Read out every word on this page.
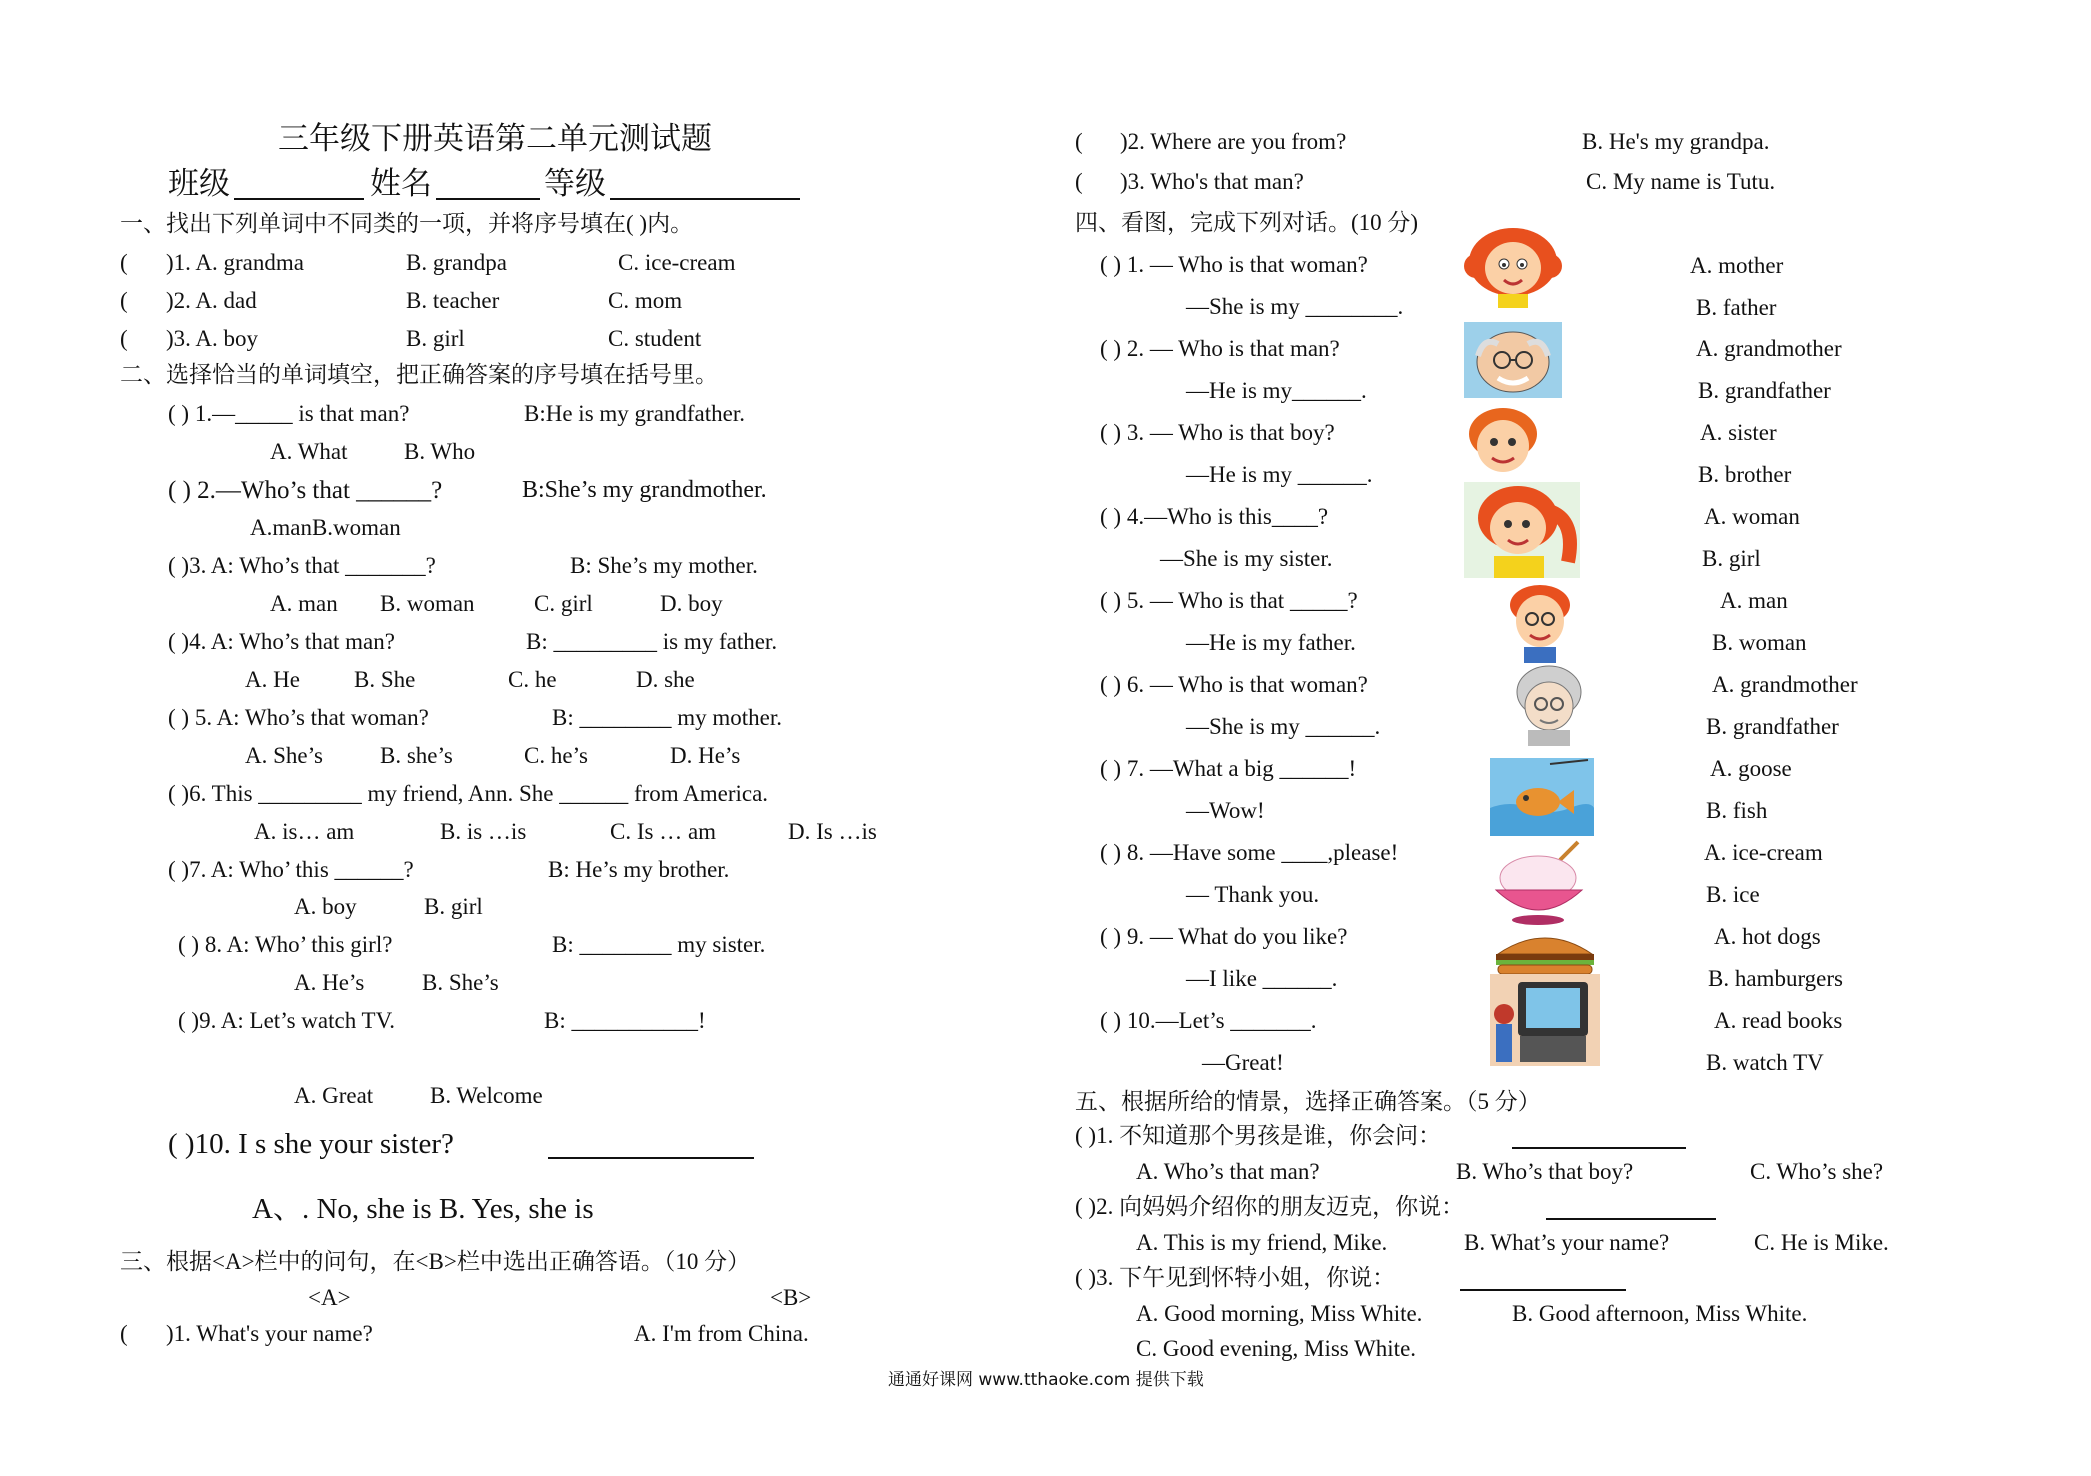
三年级下册英语第二单元测试题
班级	姓名	等级
一、找出下列单词中不同类的一项，并将序号填在( )内。
( )1. A. grandma	B. grandpa	C. ice-cream
( )2. A. dad	B. teacher	C. mom
( )3. A. boy	B. girl	C. student
二、选择恰当的单词填空，把正确答案的序号填在括号里。
( ) 1.—_____ is that man?	B:He is my grandfather.
A. What B. Who
( ) 2.—Who’s that ______?	B:She’s my grandmother.
A.manB.woman
( )3. A: Who’s that _______?	B: She’s my mother.
A. man B. woman	C. girl	D. boy
( )4. A: Who’s that man?	B: _________ is my father.
A. He B. She	C. he	D. she
( ) 5. A: Who’s that woman?	B: ________ my mother.
A. She’s B. she’s	C. he’s	D. He’s
( )6. This _________ my friend, Ann. She ______ from America.
A. is… am	B. is …is	C. Is … am	D. Is …is
( )7. A: Who’ this ______?	B: He’s my brother.
A. boy	B. girl
( ) 8. A: Who’ this girl?	B: ________ my sister.
A. He’s	B. She’s
( )9. A: Let’s watch TV.	B: ___________!
A. Great B. Welcome
( )10. I s she your sister?
A、. No, she is B. Yes, she is
三、根据<A>栏中的问句，在<B>栏中选出正确答语。（10 分）
<A>	<B>
( )1. What's your name?	A. I'm from China.
( )2. Where are you from?	B. He's my grandpa.
( )3. Who's that man?	C. My name is Tutu.
四、看图，完成下列对话。(10 分)
( ) 1. — Who is that woman?
—She is my ________.
A. mother
B. father
( ) 2. — Who is that man?
—He is my______.
A. grandmother
B. grandfather
( ) 3. — Who is that boy?
—He is my ______.
A. sister
B. brother
( ) 4.—Who is this____?
—She is my sister.
A. woman
B. girl
( ) 5. — Who is that _____?
—He is my father.
A. man
B. woman
( ) 6. — Who is that woman?
—She is my ______.
A. grandmother
B. grandfather
( ) 7. —What a big ______!
—Wow!
A. goose
B. fish
( ) 8. —Have some ____,please!
— Thank you.
A. ice-cream
B. ice
( ) 9. — What do you like?
—I like ______.
A. hot dogs
B. hamburgers
( ) 10.—Let’s _______.
—Great!
A. read books
B. watch TV
五、根据所给的情景，选择正确答案。（5 分）
( )1. 不知道那个男孩是谁，你会问：
A. Who’s that man?	B. Who’s that boy?	C. Who’s she?
( )2. 向妈妈介绍你的朋友迈克，你说：
A. This is my friend, Mike.	B. What’s your name?	C. He is Mike.
( )3. 下午见到怀特小姐，你说：
A. Good morning, Miss White.	B. Good afternoon, Miss White.
C. Good evening, Miss White.
通通好课网 www.tthaoke.com 提供下载
